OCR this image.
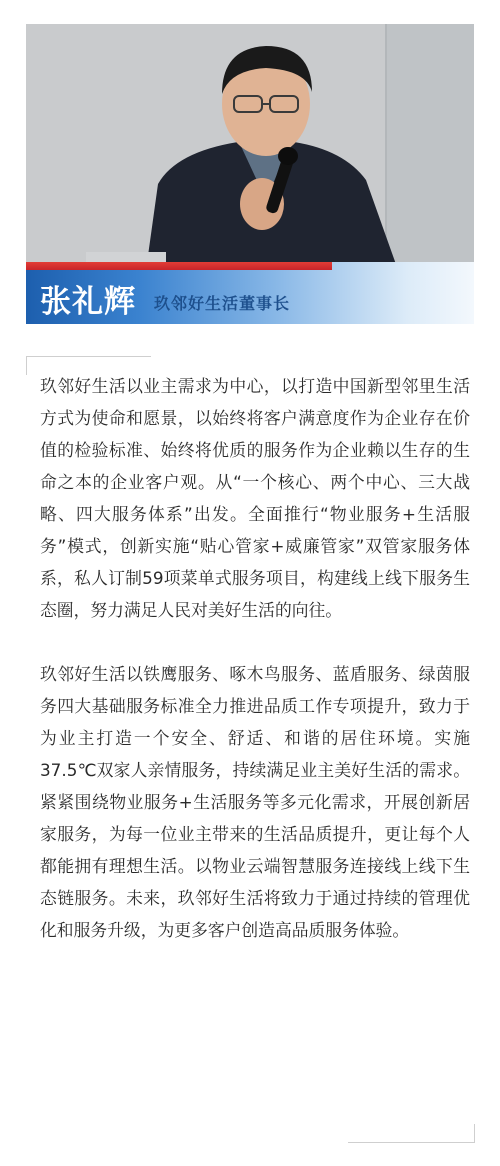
张礼辉 玖邻好生活董事长

玖邻好生活以业主需求为中心，以打造中国新型邻里生活方式为使命和愿景，以始终将客户满意度作为企业存在价值的检验标准、始终将优质的服务作为企业赖以生存的生命之本的企业客户观。从“一个核心、两个中心、三大战略、四大服务体系”出发。全面推行“物业服务+生活服务”模式，创新实施“贴心管家+威廉管家”双管家服务体系，私人订制59项菜单式服务项目，构建线上线下服务生态圈，努力满足人民对美好生活的向往。

玖邻好生活以铁鹰服务、啄木鸟服务、蓝盾服务、绿茵服务四大基础服务标准全力推进品质工作专项提升，致力于为业主打造一个安全、舒适、和谐的居住环境。实施37.5℃双家人亲情服务，持续满足业主美好生活的需求。紧紧围绕物业服务+生活服务等多元化需求，开展创新居家服务，为每一位业主带来的生活品质提升，更让每个人都能拥有理想生活。以物业云端智慧服务连接线上线下生态链服务。未来，玖邻好生活将致力于通过持续的管理优化和服务升级，为更多客户创造高品质服务体验。
